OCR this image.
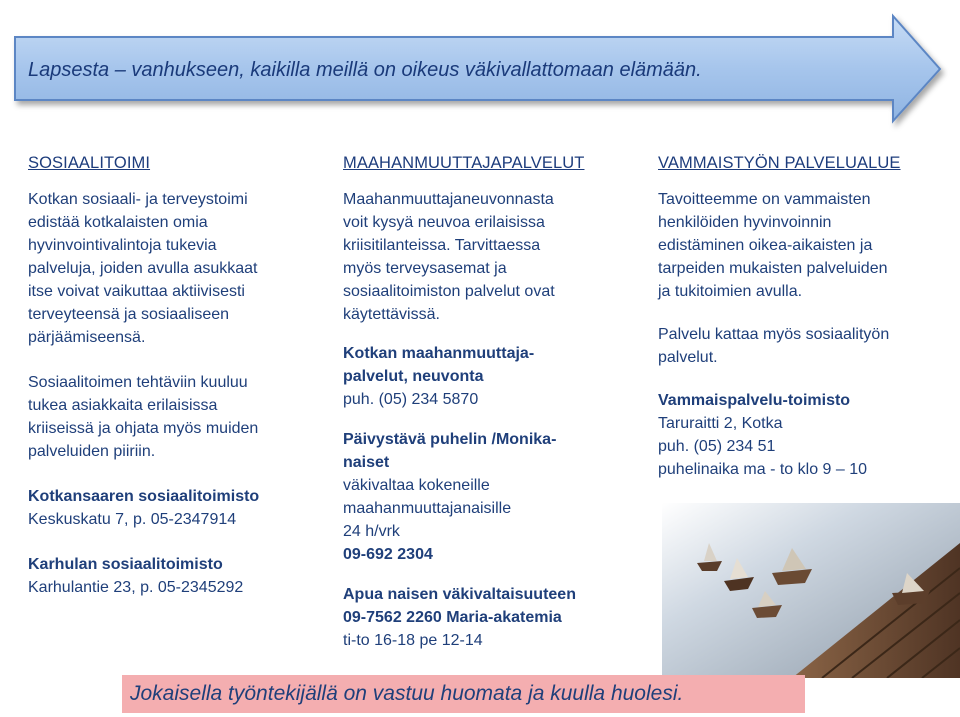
Lapsesta – vanhukseen, kaikilla meillä on oikeus väkivallattomaan elämään.

SOSIAALITOIMI

Kotkan sosiaali- ja terveystoimi

edistää kotkalaisten omia

hyvinvointivalintoja tukevia

palveluja, joiden avulla asukkaat

itse voivat vaikuttaa aktiivisesti

terveyteensä ja sosiaaliseen

pärjäämiseensä.

Sosiaalitoimen tehtäviin kuuluu

tukea asiakkaita erilaisissa

kriiseissä ja ohjata myös muiden

palveluiden piiriin.

Kotkansaaren sosiaalitoimisto

Keskuskatu 7, p. 05-2347914

Karhulan sosiaalitoimisto

Karhulantie 23, p. 05-2345292

MAAHANMUUTTAJAPALVELUT

Maahanmuuttajaneuvonnasta

voit kysyä neuvoa erilaisissa

kriisitilanteissa. Tarvittaessa

myös terveysasemat ja

sosiaalitoimiston palvelut ovat

käytettävissä.

Kotkan maahanmuuttaja-

palvelut, neuvonta

puh. (05) 234 5870

Päivystävä puhelin /Monika-

naiset

väkivaltaa kokeneille

maahanmuuttajanaisille

24 h/vrk

09-692 2304

Apua naisen väkivaltaisuuteen

09-7562 2260 Maria-akatemia

ti-to 16-18 pe 12-14

VAMMAISTYÖN PALVELUALUE

Tavoitteemme on vammaisten

henkilöiden hyvinvoinnin

edistäminen oikea-aikaisten ja

tarpeiden mukaisten palveluiden

ja tukitoimien avulla.

Palvelu kattaa myös sosiaalityön

palvelut.

Vammaispalvelu-toimisto

Taruraitti 2, Kotka

puh. (05) 234 51

puhelinaika ma - to klo 9 – 10

Jokaisella työntekijällä on vastuu huomata ja kuulla huolesi.
